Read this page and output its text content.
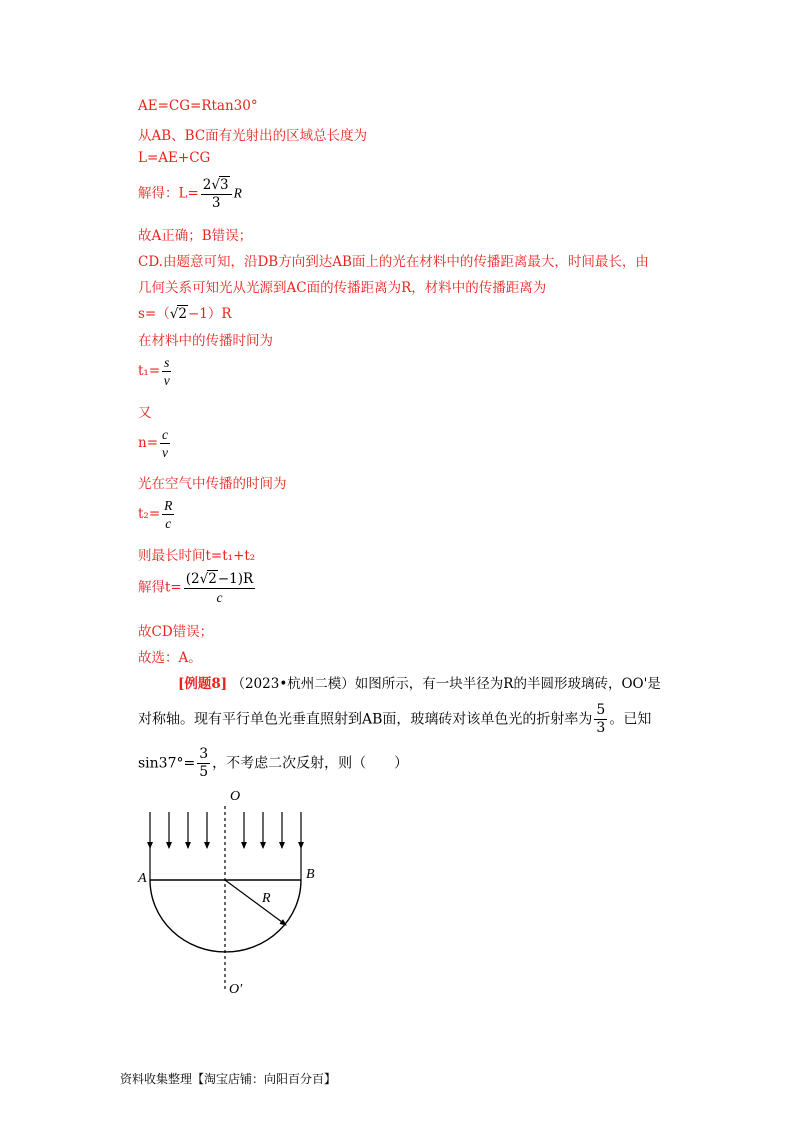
AE=CG=Rtan30°
从AB、BC面有光射出的区域总长度为
L=AE+CG
解得：$L= \frac{2√3}{3}$ R
故A正确；B错误；
CD.由题意可知，沿DB方向到达AB面上的光在材料中的传播距离最大，时间最长，由
几何关系可知光从光源到AC面的传播距离为R，材料中的传播距离为
s=（√2−1）R
在材料中的传播时间为
$t_1= \frac{s}{v}$
又
$n= \frac{c}{v}$
光在空气中传播的时间为
$t_2= \frac{R}{c}$
则最长时间t=t₁+t₂
解得$t= \frac{(2√2-1)R}{c}$
故CD错误；
故选：A。
[例题8] （2023•杭州二模）如图所示，有一块半径为R的半圆形玻璃砖，OO'是
对称轴。现有平行单色光垂直照射到AB面，玻璃砖对该单色光的折射率为 $\frac{5}{3}$ 。已知
$\sin 37^\circ= \frac{3}{5}$ ，不考虑二次反射，则（　　）
O
A	B
R
O′
资料收集整理【淘宝店铺：向阳百分百】
